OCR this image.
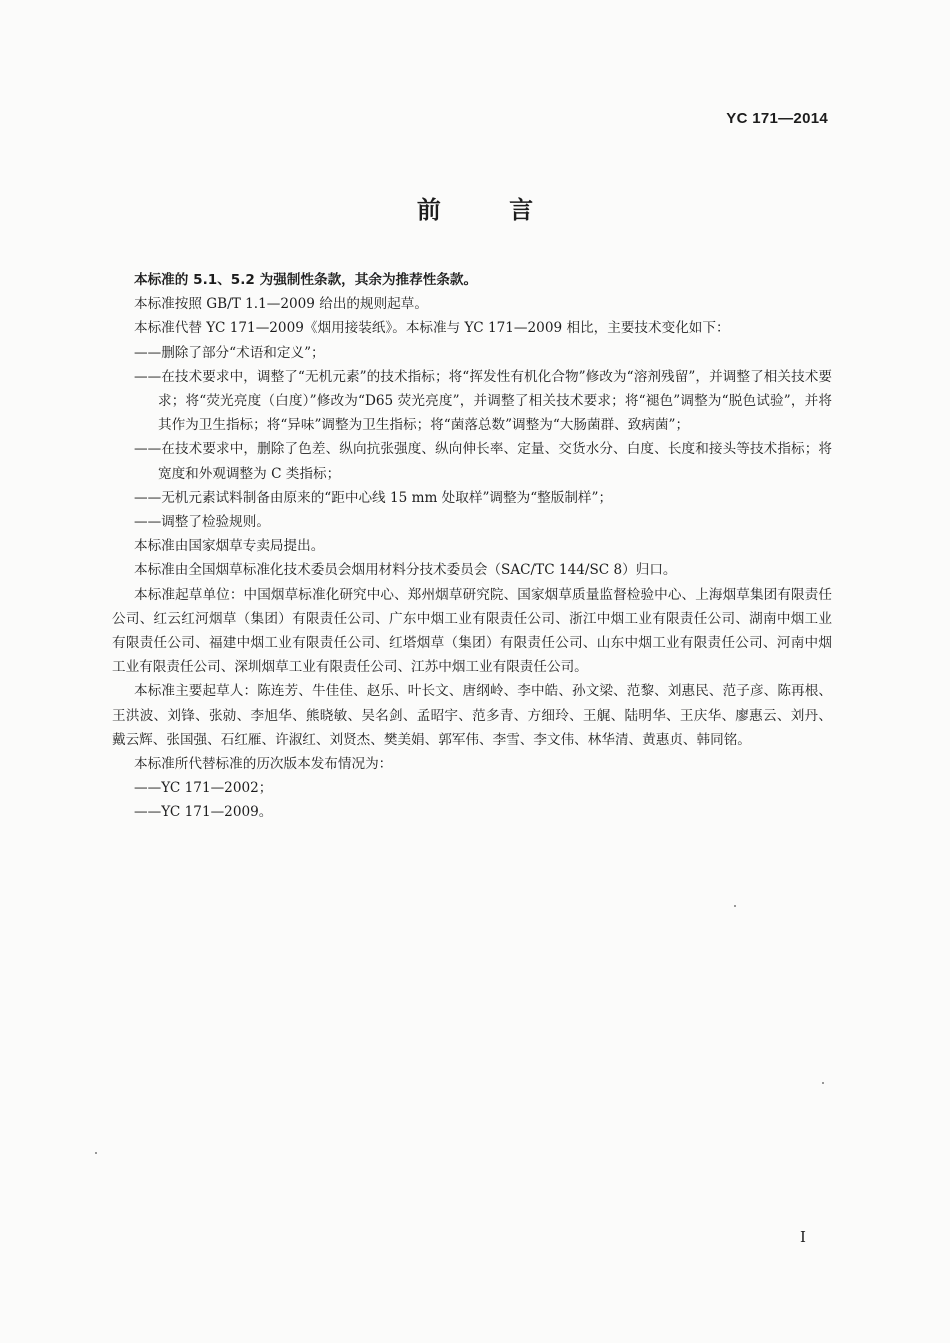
YC 171—2014
前 言

本标准的 5.1、5.2 为强制性条款，其余为推荐性条款。

本标准按照 GB/T 1.1—2009 给出的规则起草。

本标准代替 YC 171—2009《烟用接装纸》。本标准与 YC 171—2009 相比，主要技术变化如下：

——删除了部分“术语和定义”；

——在技术要求中，调整了“无机元素”的技术指标；将“挥发性有机化合物”修改为“溶剂残留”，并调整了相关技术要求；将“荧光亮度（白度）”修改为“D65 荧光亮度”，并调整了相关技术要求；将“褪色”调整为“脱色试验”，并将其作为卫生指标；将“异味”调整为卫生指标；将“菌落总数”调整为“大肠菌群、致病菌”；

——在技术要求中，删除了色差、纵向抗张强度、纵向伸长率、定量、交货水分、白度、长度和接头等技术指标；将宽度和外观调整为 C 类指标；

——无机元素试料制备由原来的“距中心线 15 mm 处取样”调整为“整版制样”；

——调整了检验规则。

本标准由国家烟草专卖局提出。

本标准由全国烟草标准化技术委员会烟用材料分技术委员会（SAC/TC 144/SC 8）归口。

本标准起草单位：中国烟草标准化研究中心、郑州烟草研究院、国家烟草质量监督检验中心、上海烟草集团有限责任公司、红云红河烟草（集团）有限责任公司、广东中烟工业有限责任公司、浙江中烟工业有限责任公司、湖南中烟工业有限责任公司、福建中烟工业有限责任公司、红塔烟草（集团）有限责任公司、山东中烟工业有限责任公司、河南中烟工业有限责任公司、深圳烟草工业有限责任公司、江苏中烟工业有限责任公司。

本标准主要起草人：陈连芳、牛佳佳、赵乐、叶长文、唐纲岭、李中皓、孙文梁、范黎、刘惠民、范子彦、陈再根、王洪波、刘锋、张勍、李旭华、熊晓敏、吴名剑、孟昭宇、范多青、方细玲、王艉、陆明华、王庆华、廖惠云、刘丹、戴云辉、张国强、石红雁、许淑红、刘贤杰、樊美娟、郭军伟、李雪、李文伟、林华清、黄惠贞、韩同铭。

本标准所代替标准的历次版本发布情况为：

——YC 171—2002；

——YC 171—2009。

I
